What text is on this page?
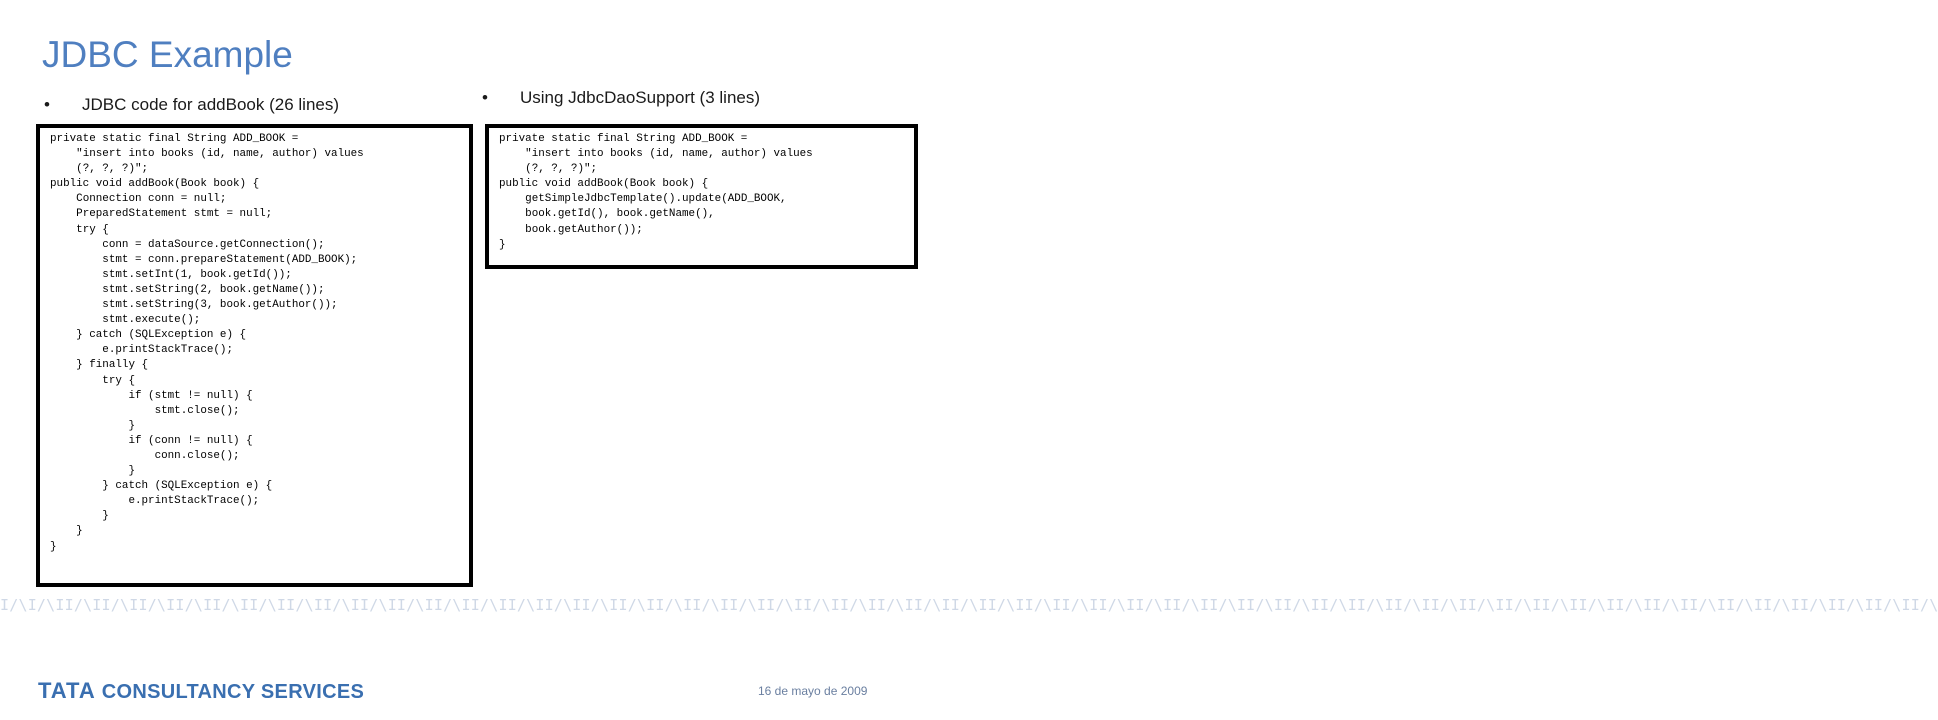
JDBC Example
• JDBC code for addBook (26 lines)	• Using JdbcDaoSupport (3 lines)
private static final String ADD_BOOK =
	"insert into books (id, name, author) values
	(?, ?, ?)";
public void addBook(Book book) {
	Connection conn = null;
	PreparedStatement stmt = null;
	try {
		conn = dataSource.getConnection();
		stmt = conn.prepareStatement(ADD_BOOK);
		stmt.setInt(1, book.getId());
		stmt.setString(2, book.getName());
		stmt.setString(3, book.getAuthor());
		stmt.execute();
	} catch (SQLException e) {
		e.printStackTrace();
	} finally {
		try {
			if (stmt != null) {
				stmt.close();
			}
			if (conn != null) {
				conn.close();
			}
		} catch (SQLException e) {
			e.printStackTrace();
		}
	}
}
private static final String ADD_BOOK =
	"insert into books (id, name, author) values
	(?, ?, ?)";
public void addBook(Book book) {
	getSimpleJdbcTemplate().update(ADD_BOOK,
	book.getId(), book.getName(),
	book.getAuthor());
}
I/\I/\II/\II/\II/\II/\II/\II/\II/\II/\II/\II/\II/\II/\II/\II/\II/\II/\II/\II/\II/\II/\II/\II/\II/\II/\II/\II/\II/\II/\II/\II/\II/\II/\II/\II/\II/\II/\II/\II/\II/\II/\II/\II/\II/\II/\II/\II/\II/\II/\II/\II/\II/\
TATA CONSULTANCY SERVICES	16 de mayo de 2009
